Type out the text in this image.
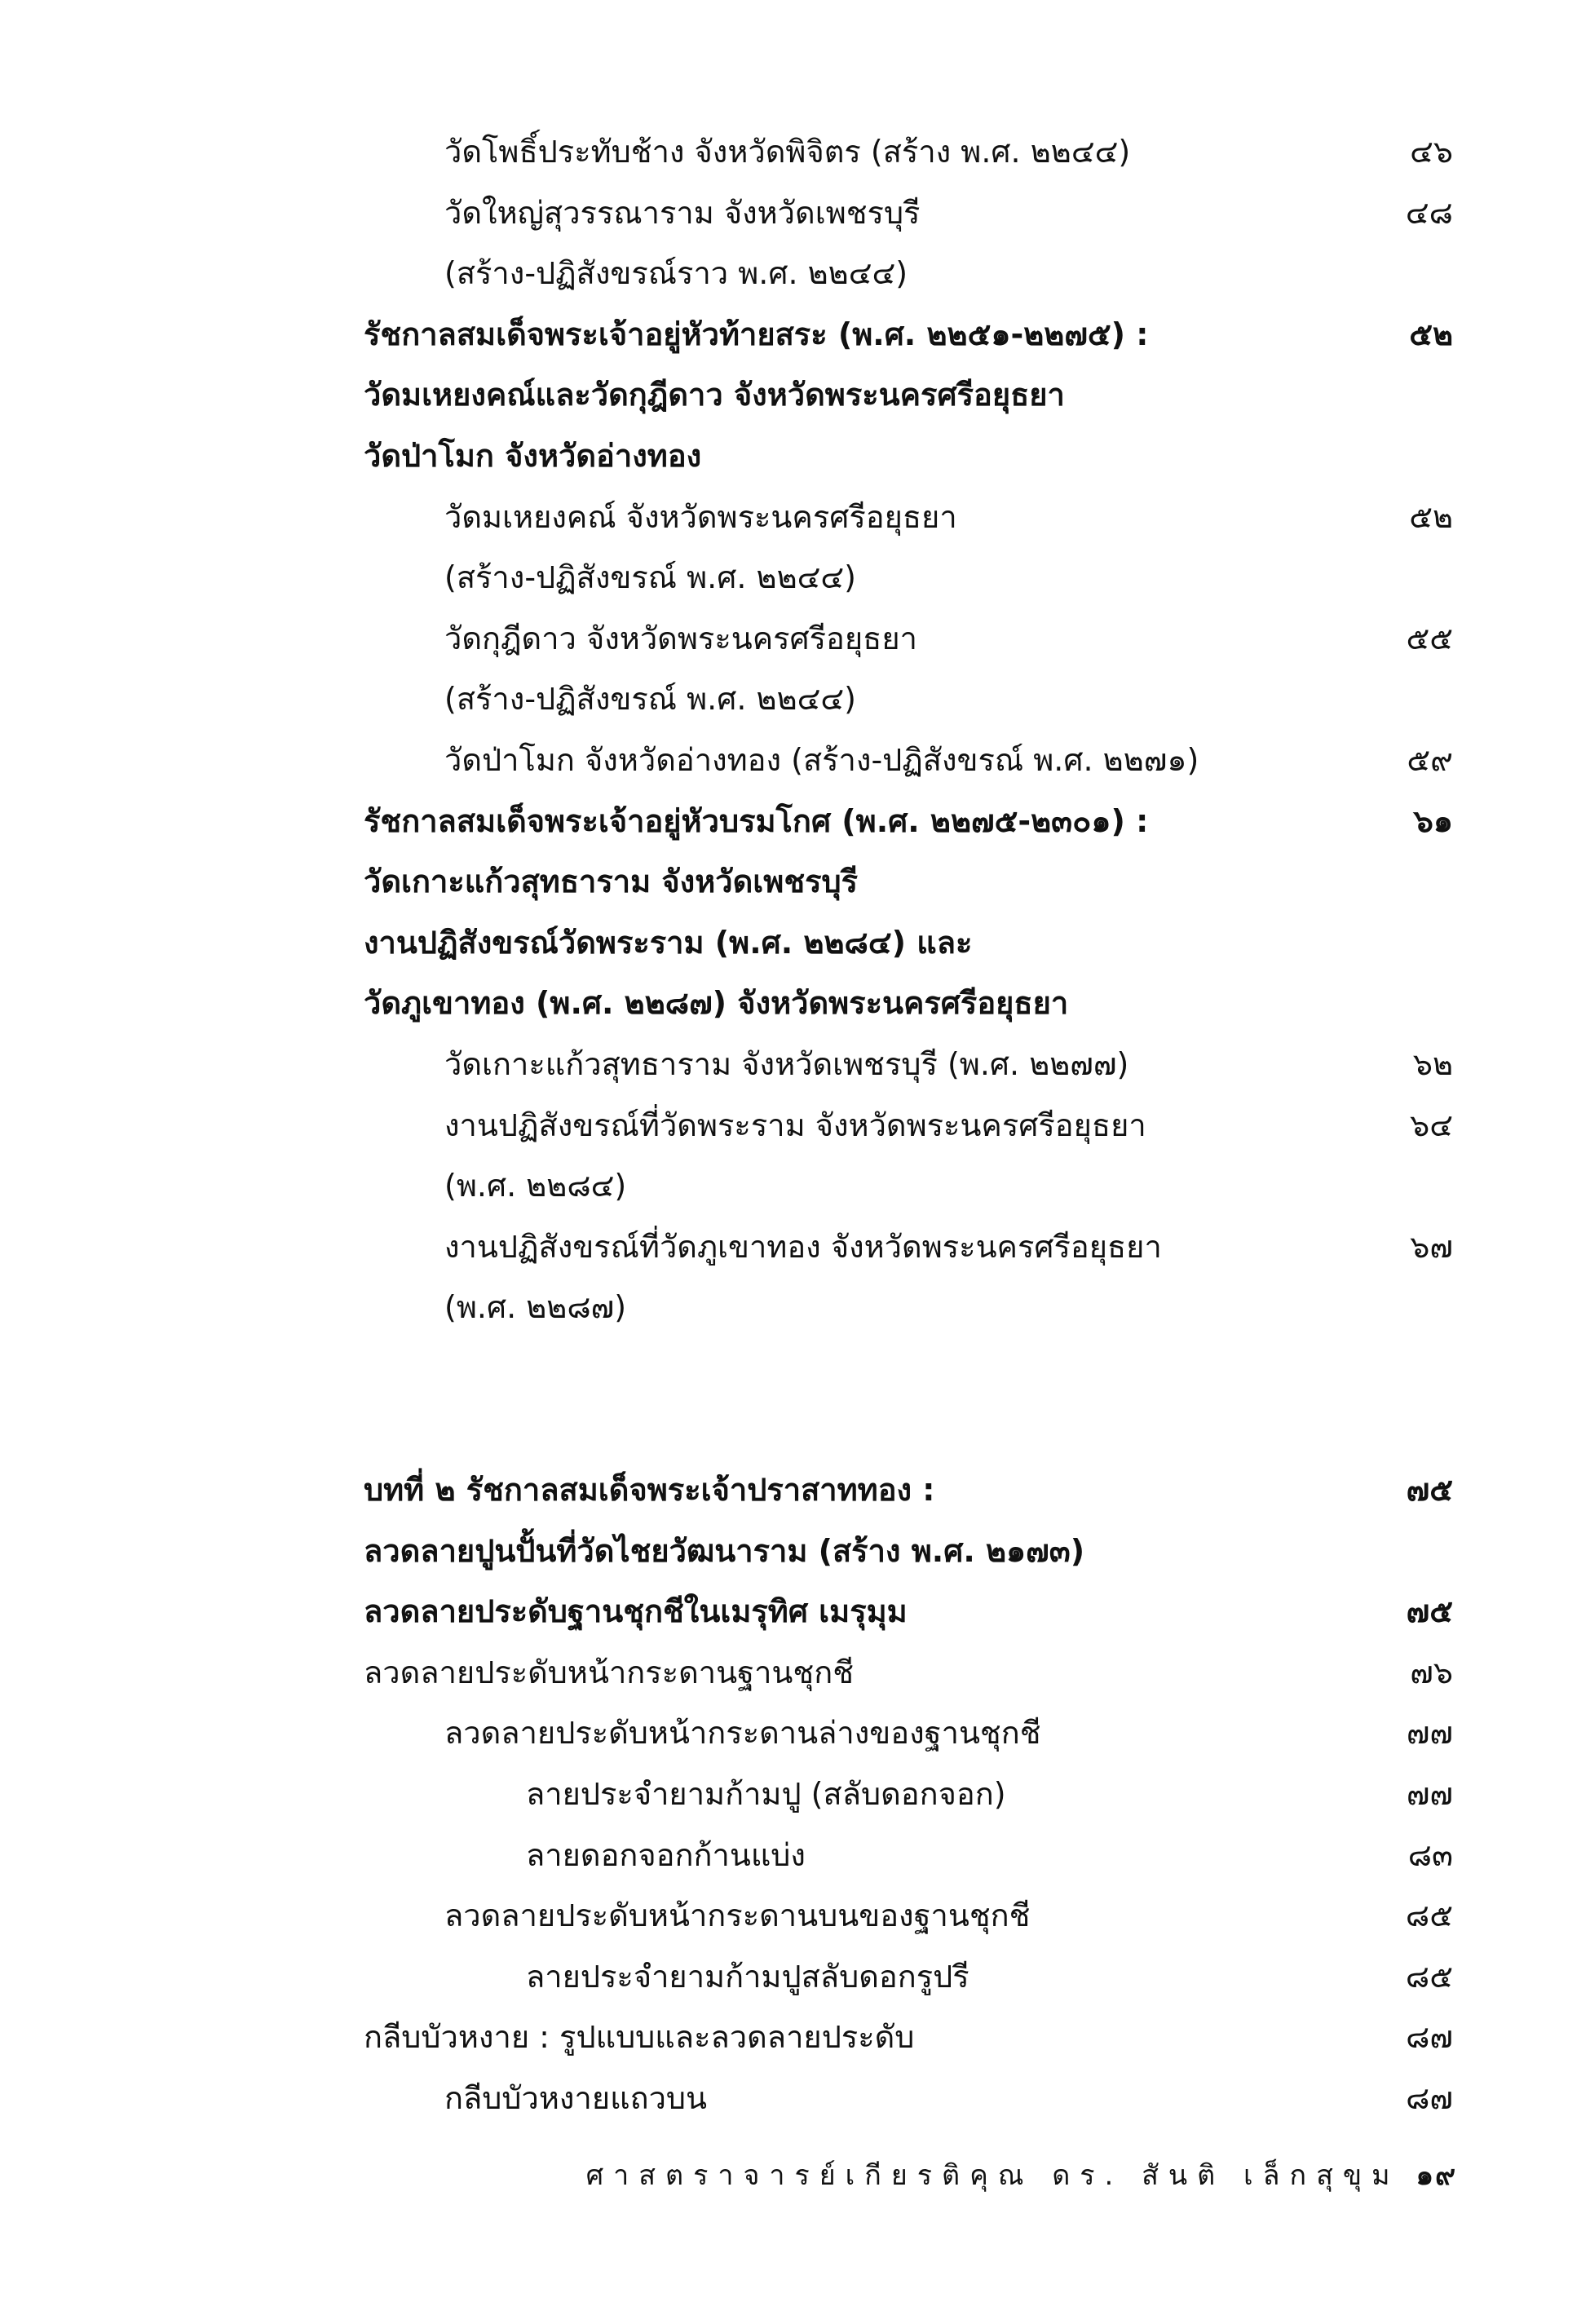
วัดโพธิ์ประทับช้าง จังหวัดพิจิตร (สร้าง พ.ศ. ๒๒๔๔)	๔๖
วัดใหญ่สุวรรณาราม จังหวัดเพชรบุรี	๔๘
(สร้าง-ปฏิสังขรณ์ราว พ.ศ. ๒๒๔๔)
รัชกาลสมเด็จพระเจ้าอยู่หัวท้ายสระ (พ.ศ. ๒๒๕๑-๒๒๗๕) :	๕๒
วัดมเหยงคณ์และวัดกุฎีดาว จังหวัดพระนครศรีอยุธยา
วัดป่าโมก จังหวัดอ่างทอง
วัดมเหยงคณ์ จังหวัดพระนครศรีอยุธยา	๕๒
(สร้าง-ปฏิสังขรณ์ พ.ศ. ๒๒๔๔)
วัดกุฎีดาว จังหวัดพระนครศรีอยุธยา	๕๕
(สร้าง-ปฏิสังขรณ์ พ.ศ. ๒๒๔๔)
วัดป่าโมก จังหวัดอ่างทอง (สร้าง-ปฏิสังขรณ์ พ.ศ. ๒๒๗๑)	๕๙
รัชกาลสมเด็จพระเจ้าอยู่หัวบรมโกศ (พ.ศ. ๒๒๗๕-๒๓๐๑) :	๖๑
วัดเกาะแก้วสุทธาราม จังหวัดเพชรบุรี
งานปฏิสังขรณ์วัดพระราม (พ.ศ. ๒๒๘๔) และ
วัดภูเขาทอง (พ.ศ. ๒๒๘๗) จังหวัดพระนครศรีอยุธยา
วัดเกาะแก้วสุทธาราม จังหวัดเพชรบุรี (พ.ศ. ๒๒๗๗)	๖๒
งานปฏิสังขรณ์ที่วัดพระราม จังหวัดพระนครศรีอยุธยา	๖๔
(พ.ศ. ๒๒๘๔)
งานปฏิสังขรณ์ที่วัดภูเขาทอง จังหวัดพระนครศรีอยุธยา	๖๗
(พ.ศ. ๒๒๘๗)
บทที่ ๒ รัชกาลสมเด็จพระเจ้าปราสาททอง :	๗๕
ลวดลายปูนปั้นที่วัดไชยวัฒนาราม (สร้าง พ.ศ. ๒๑๗๓)
ลวดลายประดับฐานชุกชีในเมรุทิศ เมรุมุม	๗๕
ลวดลายประดับหน้ากระดานฐานชุกชี	๗๖
ลวดลายประดับหน้ากระดานล่างของฐานชุกชี	๗๗
ลายประจำยามก้ามปู (สลับดอกจอก)	๗๗
ลายดอกจอกก้านแบ่ง	๘๓
ลวดลายประดับหน้ากระดานบนของฐานชุกชี	๘๕
ลายประจำยามก้ามปูสลับดอกรูปรี	๘๕
กลีบบัวหงาย : รูปแบบและลวดลายประดับ	๘๗
กลีบบัวหงายแถวบน	๘๗
ศาสตราจารย์เกียรติคุณ ดร. สันติ เล็กสุขุม ๑๙
